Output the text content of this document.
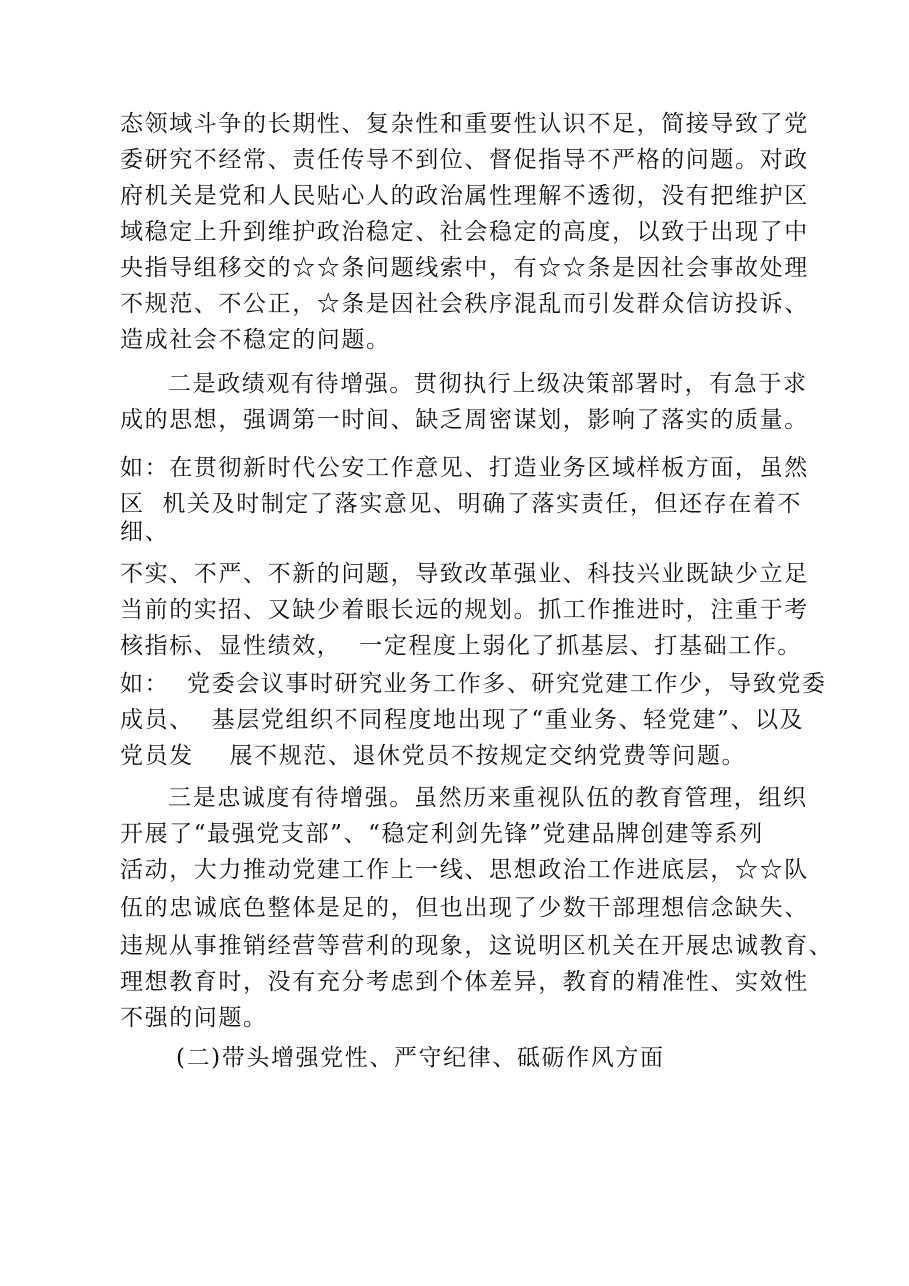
态领域斗争的长期性、复杂性和重要性认识不足，简接导致了党
委研究不经常、责任传导不到位、督促指导不严格的问题。对政
府机关是党和人民贴心人的政治属性理解不透彻，没有把维护区
域稳定上升到维护政治稳定、社会稳定的高度，以致于出现了中
央指导组移交的☆☆条问题线索中，有☆☆条是因社会事故处理
不规范、不公正，☆条是因社会秩序混乱而引发群众信访投诉、
造成社会不稳定的问题。
二是政绩观有待增强。贯彻执行上级决策部署时，有急于求
成的思想，强调第一时间、缺乏周密谋划，影响了落实的质量。
如：在贯彻新时代公安工作意见、打造业务区域样板方面，虽然
区  机关及时制定了落实意见、明确了落实责任，但还存在着不
细、
不实、不严、不新的问题，导致改革强业、科技兴业既缺少立足
当前的实招、又缺少着眼长远的规划。抓工作推进时，注重于考
核指标、显性绩效，  一定程度上弱化了抓基层、打基础工作。
如：  党委会议事时研究业务工作多、研究党建工作少，导致党委
成员、  基层党组织不同程度地出现了“重业务、轻党建”、以及
党员发    展不规范、退休党员不按规定交纳党费等问题。
三是忠诚度有待增强。虽然历来重视队伍的教育管理，组织
开展了“最强党支部”、“稳定利剑先锋”党建品牌创建等系列
活动，大力推动党建工作上一线、思想政治工作进底层，☆☆队
伍的忠诚底色整体是足的，但也出现了少数干部理想信念缺失、
违规从事推销经营等营利的现象，这说明区机关在开展忠诚教育、
理想教育时，没有充分考虑到个体差异，教育的精准性、实效性
不强的问题。
(二)带头增强党性、严守纪律、砥砺作风方面
